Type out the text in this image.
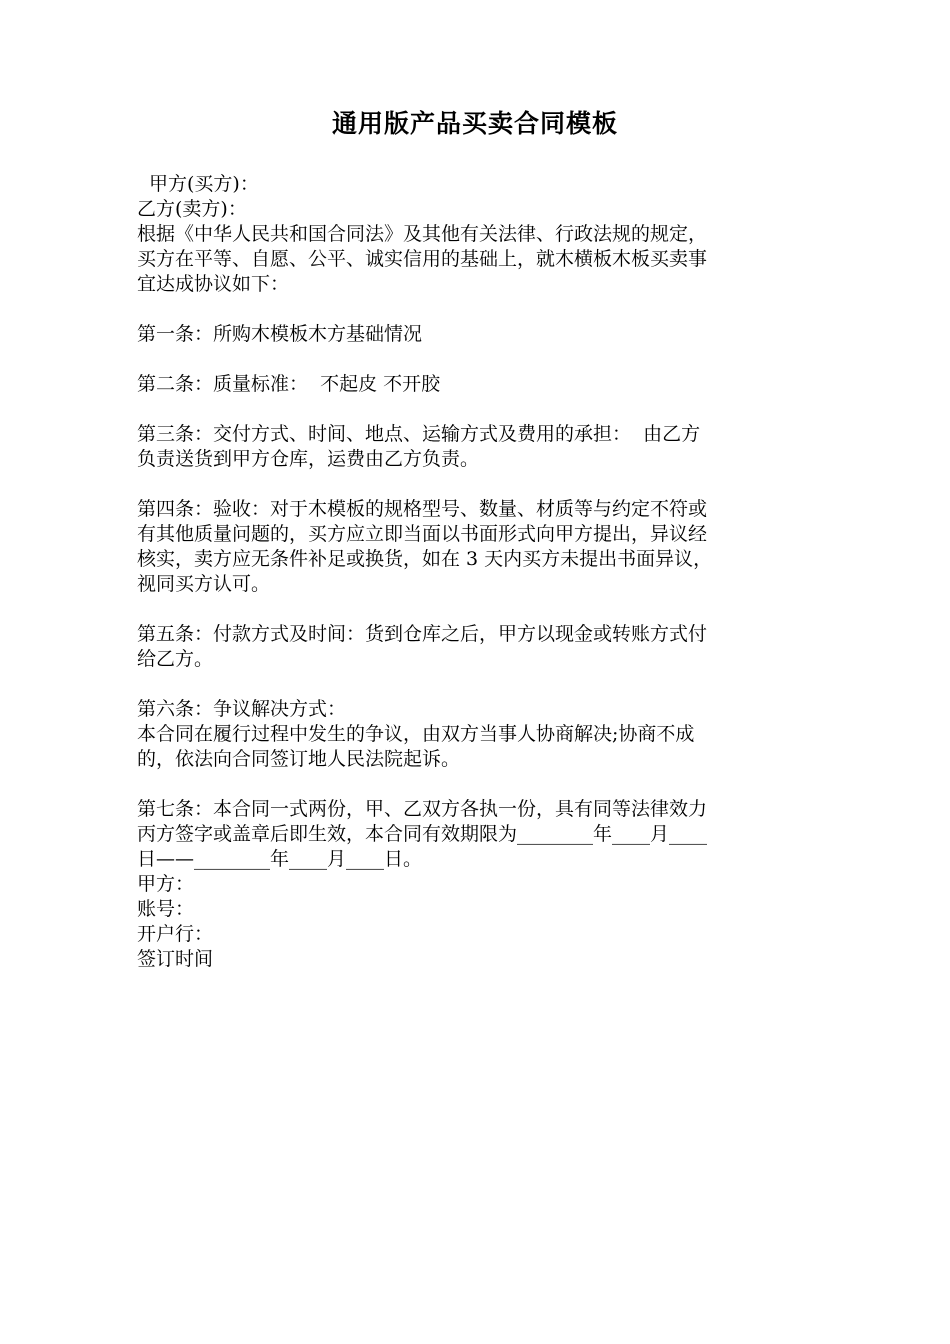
通用版产品买卖合同模板
甲方(买方)：
乙方(卖方)：
根据《中华人民共和国合同法》及其他有关法律、行政法规的规定，
买方在平等、自愿、公平、诚实信用的基础上，就木横板木板买卖事
宜达成协议如下：
第一条：所购木模板木方基础情况
第二条：质量标准：  不起皮 不开胶
第三条：交付方式、时间、地点、运输方式及费用的承担：  由乙方
负责送货到甲方仓库，运费由乙方负责。
第四条：验收：对于木模板的规格型号、数量、材质等与约定不符或
有其他质量问题的，买方应立即当面以书面形式向甲方提出，异议经
核实，卖方应无条件补足或换货，如在 3 天内买方未提出书面异议，
视同买方认可。
第五条：付款方式及时间：货到仓库之后，甲方以现金或转账方式付
给乙方。
第六条：争议解决方式：
本合同在履行过程中发生的争议，由双方当事人协商解决;协商不成
的，依法向合同签订地人民法院起诉。
第七条：本合同一式两份，甲、乙双方各执一份，具有同等法律效力
丙方签字或盖章后即生效，本合同有效期限为________年____月____
日——________年____月____日。
甲方：
账号：
开户行：
签订时间
